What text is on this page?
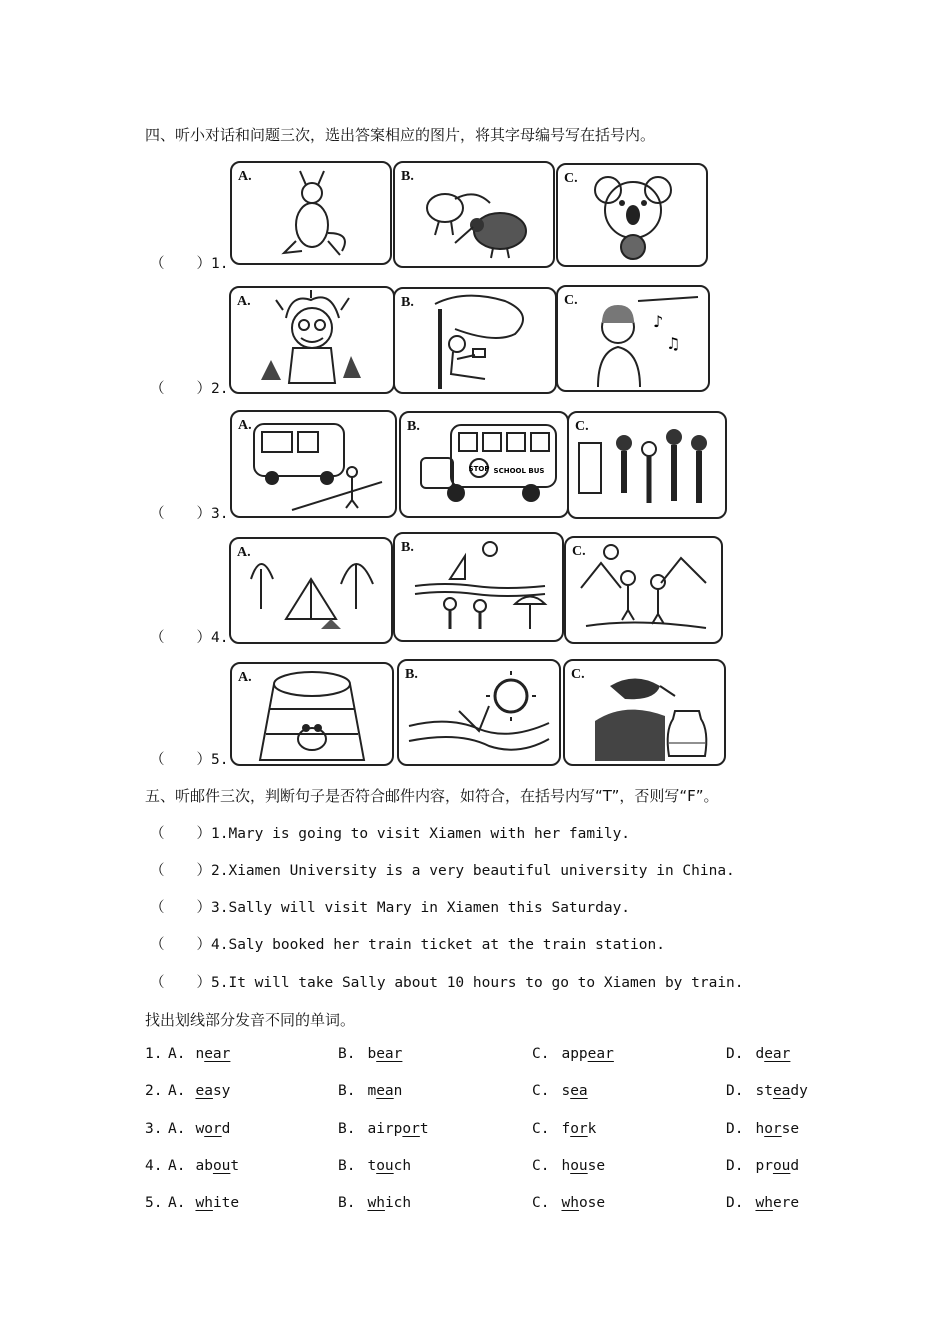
四、听小对话和问题三次，选出答案相应的图片，将其字母编号写在括号内。
（ ）1.
A.	B.	C.
（ ）2.
A.	B.	C.
♪
♫
（ ）3.
A.	B.
STOP SCHOOL BUS
C.
（ ）4.
A.	B.	C.
（ ）5.
A.	B.	C.
五、听邮件三次，判断句子是否符合邮件内容，如符合，在括号内写“T”，否则写“F”。
（ ）1.Mary is going to visit Xiamen with her family.
（ ）2.Xiamen University is a very beautiful university in China.
（ ）3.Sally will visit Mary in Xiamen this Saturday.
（ ）4.Saly booked her train ticket at the train station.
（ ）5.It will take Sally about 10 hours to go to Xiamen by train.
找出划线部分发音不同的单词。
1. A. near	B. bear	C. appear	D. dear
2. A. easy	B. mean	C. sea	D. steady
3. A. word	B. airport	C. fork	D. horse
4. A. about	B. touch	C. house	D. proud
5. A. white	B. which	C. whose	D. where
